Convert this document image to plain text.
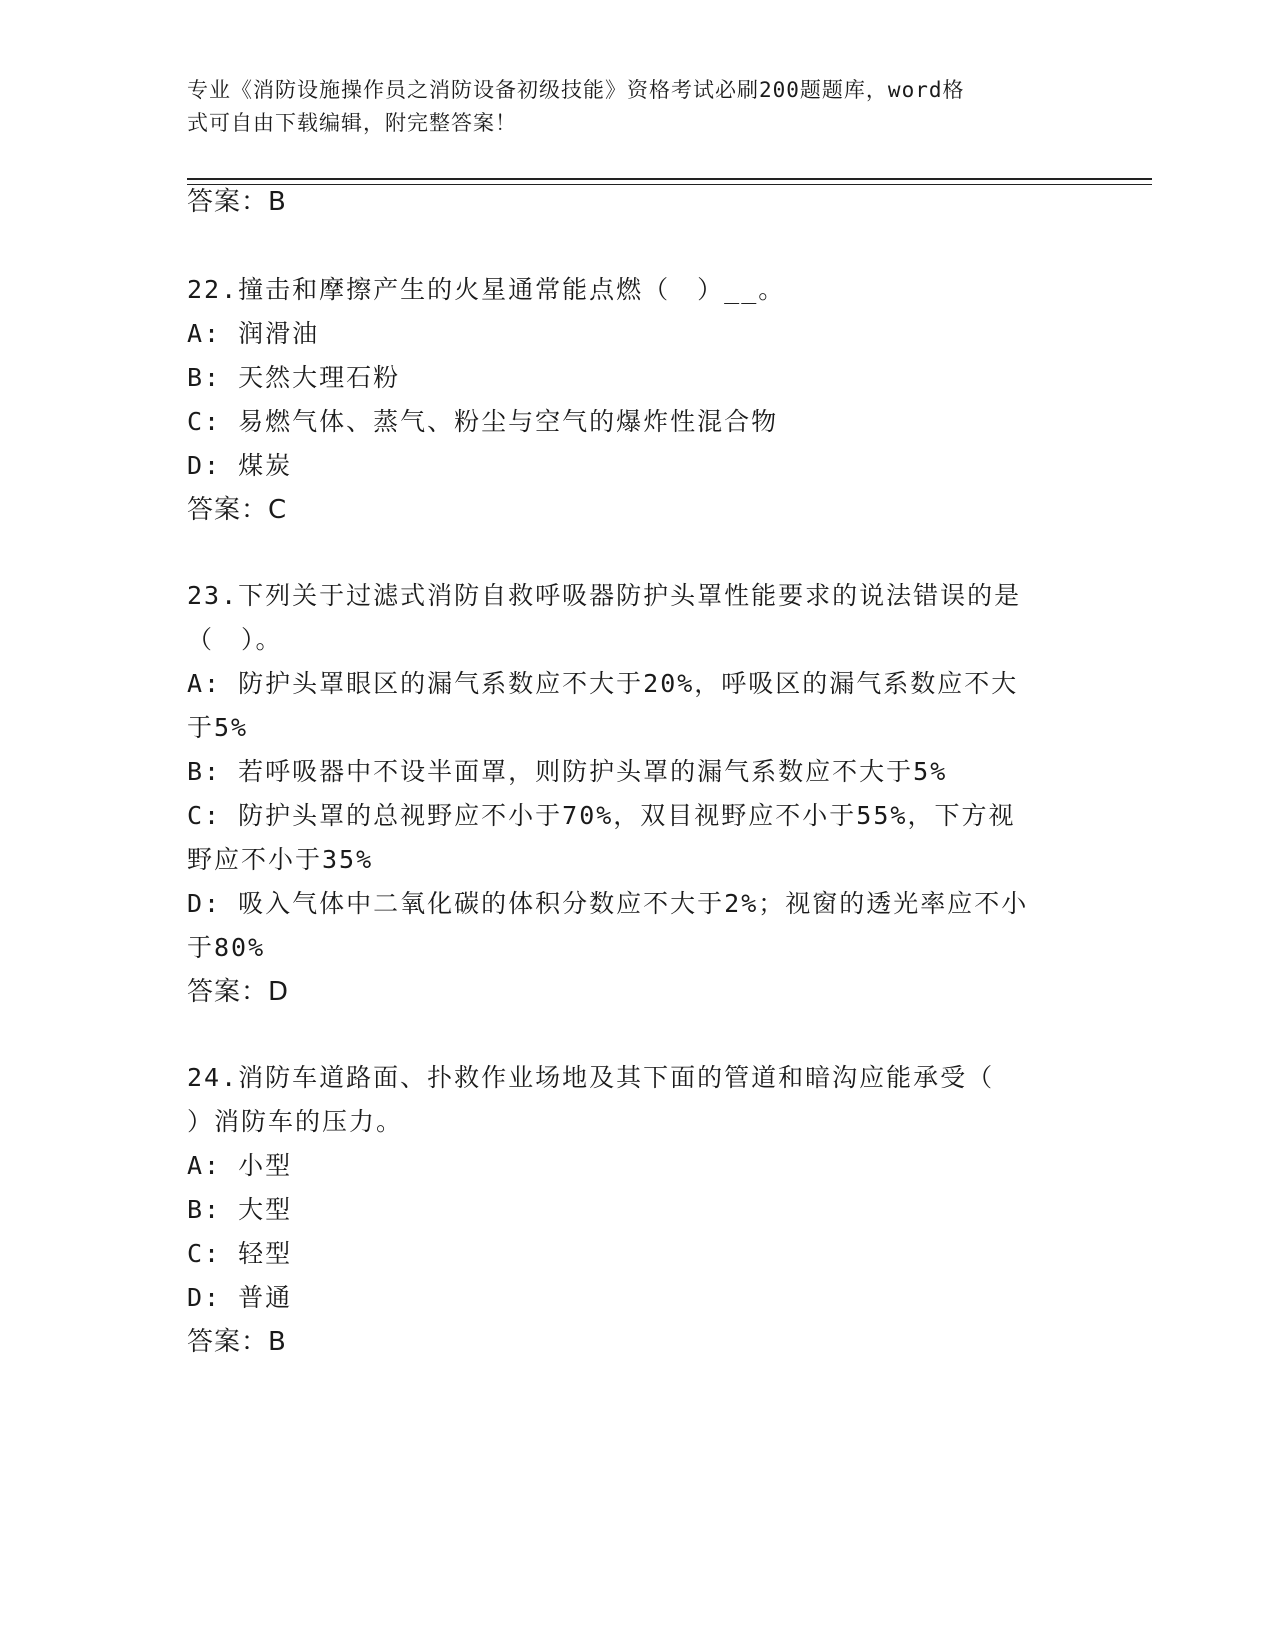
专业《消防设施操作员之消防设备初级技能》资格考试必刷200题题库，word格
式可自由下载编辑，附完整答案！
答案：B
22.撞击和摩擦产生的火星通常能点燃（　）__。
A: 润滑油
B: 天然大理石粉
C: 易燃气体、蒸气、粉尘与空气的爆炸性混合物
D: 煤炭
答案：C
23.下列关于过滤式消防自救呼吸器防护头罩性能要求的说法错误的是
（　）。
A: 防护头罩眼区的漏气系数应不大于20%，呼吸区的漏气系数应不大
于5%
B: 若呼吸器中不设半面罩，则防护头罩的漏气系数应不大于5%
C: 防护头罩的总视野应不小于70%，双目视野应不小于55%，下方视
野应不小于35%
D: 吸入气体中二氧化碳的体积分数应不大于2%；视窗的透光率应不小
于80%
答案：D
24.消防车道路面、扑救作业场地及其下面的管道和暗沟应能承受（
）消防车的压力。
A: 小型
B: 大型
C: 轻型
D: 普通
答案：B
